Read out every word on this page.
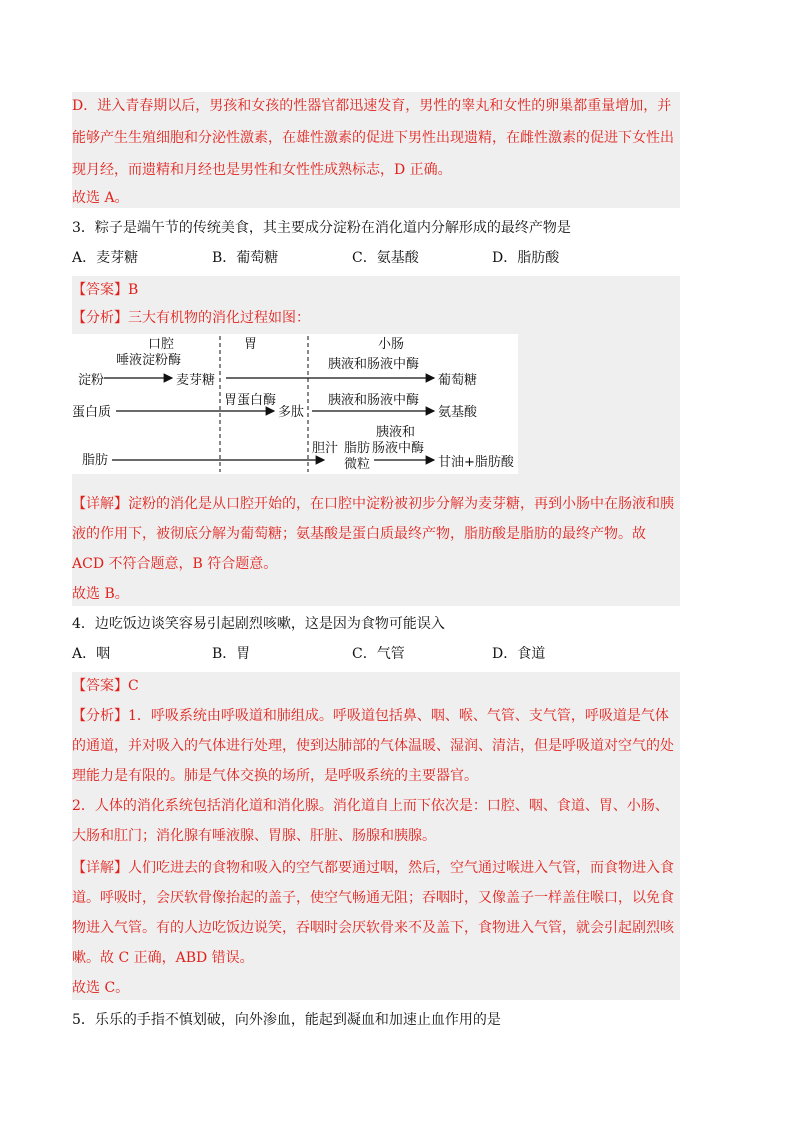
D．进入青春期以后，男孩和女孩的性器官都迅速发育，男性的睾丸和女性的卵巢都重量增加，并
能够产生生殖细胞和分泌性激素，在雄性激素的促进下男性出现遗精，在雌性激素的促进下女性出
现月经，而遗精和月经也是男性和女性性成熟标志，D 正确。
故选 A。
3．粽子是端午节的传统美食，其主要成分淀粉在消化道内分解形成的最终产物是
A．麦芽糖	B．葡萄糖	C．氨基酸	D．脂肪酸
【答案】B
【分析】三大有机物的消化过程如图：
口腔	胃	小肠
淀粉
唾液淀粉酶
麦芽糖
胰液和肠液中酶
葡萄糖
蛋白质
胃蛋白酶
多肽
胰液和肠液中酶
氨基酸
脂肪
胆汁 脂肪
微粒
胰液和
肠液中酶
甘油+脂肪酸
【详解】淀粉的消化是从口腔开始的，在口腔中淀粉被初步分解为麦芽糖，再到小肠中在肠液和胰
液的作用下，被彻底分解为葡萄糖；氨基酸是蛋白质最终产物，脂肪酸是脂肪的最终产物。故
ACD 不符合题意，B 符合题意。
故选 B。
4．边吃饭边谈笑容易引起剧烈咳嗽，这是因为食物可能误入
A．咽	B．胃	C．气管	D．食道
【答案】C
【分析】1．呼吸系统由呼吸道和肺组成。呼吸道包括鼻、咽、喉、气管、支气管，呼吸道是气体
的通道，并对吸入的气体进行处理，使到达肺部的气体温暖、湿润、清洁，但是呼吸道对空气的处
理能力是有限的。肺是气体交换的场所，是呼吸系统的主要器官。
2．人体的消化系统包括消化道和消化腺。消化道自上而下依次是：口腔、咽、食道、胃、小肠、
大肠和肛门；消化腺有唾液腺、胃腺、肝脏、肠腺和胰腺。
【详解】人们吃进去的食物和吸入的空气都要通过咽，然后，空气通过喉进入气管，而食物进入食
道。呼吸时，会厌软骨像抬起的盖子，使空气畅通无阻；吞咽时，又像盖子一样盖住喉口，以免食
物进入气管。有的人边吃饭边说笑，吞咽时会厌软骨来不及盖下，食物进入气管，就会引起剧烈咳
嗽。故 C 正确，ABD 错误。
故选 C。
5．乐乐的手指不慎划破，向外渗血，能起到凝血和加速止血作用的是
